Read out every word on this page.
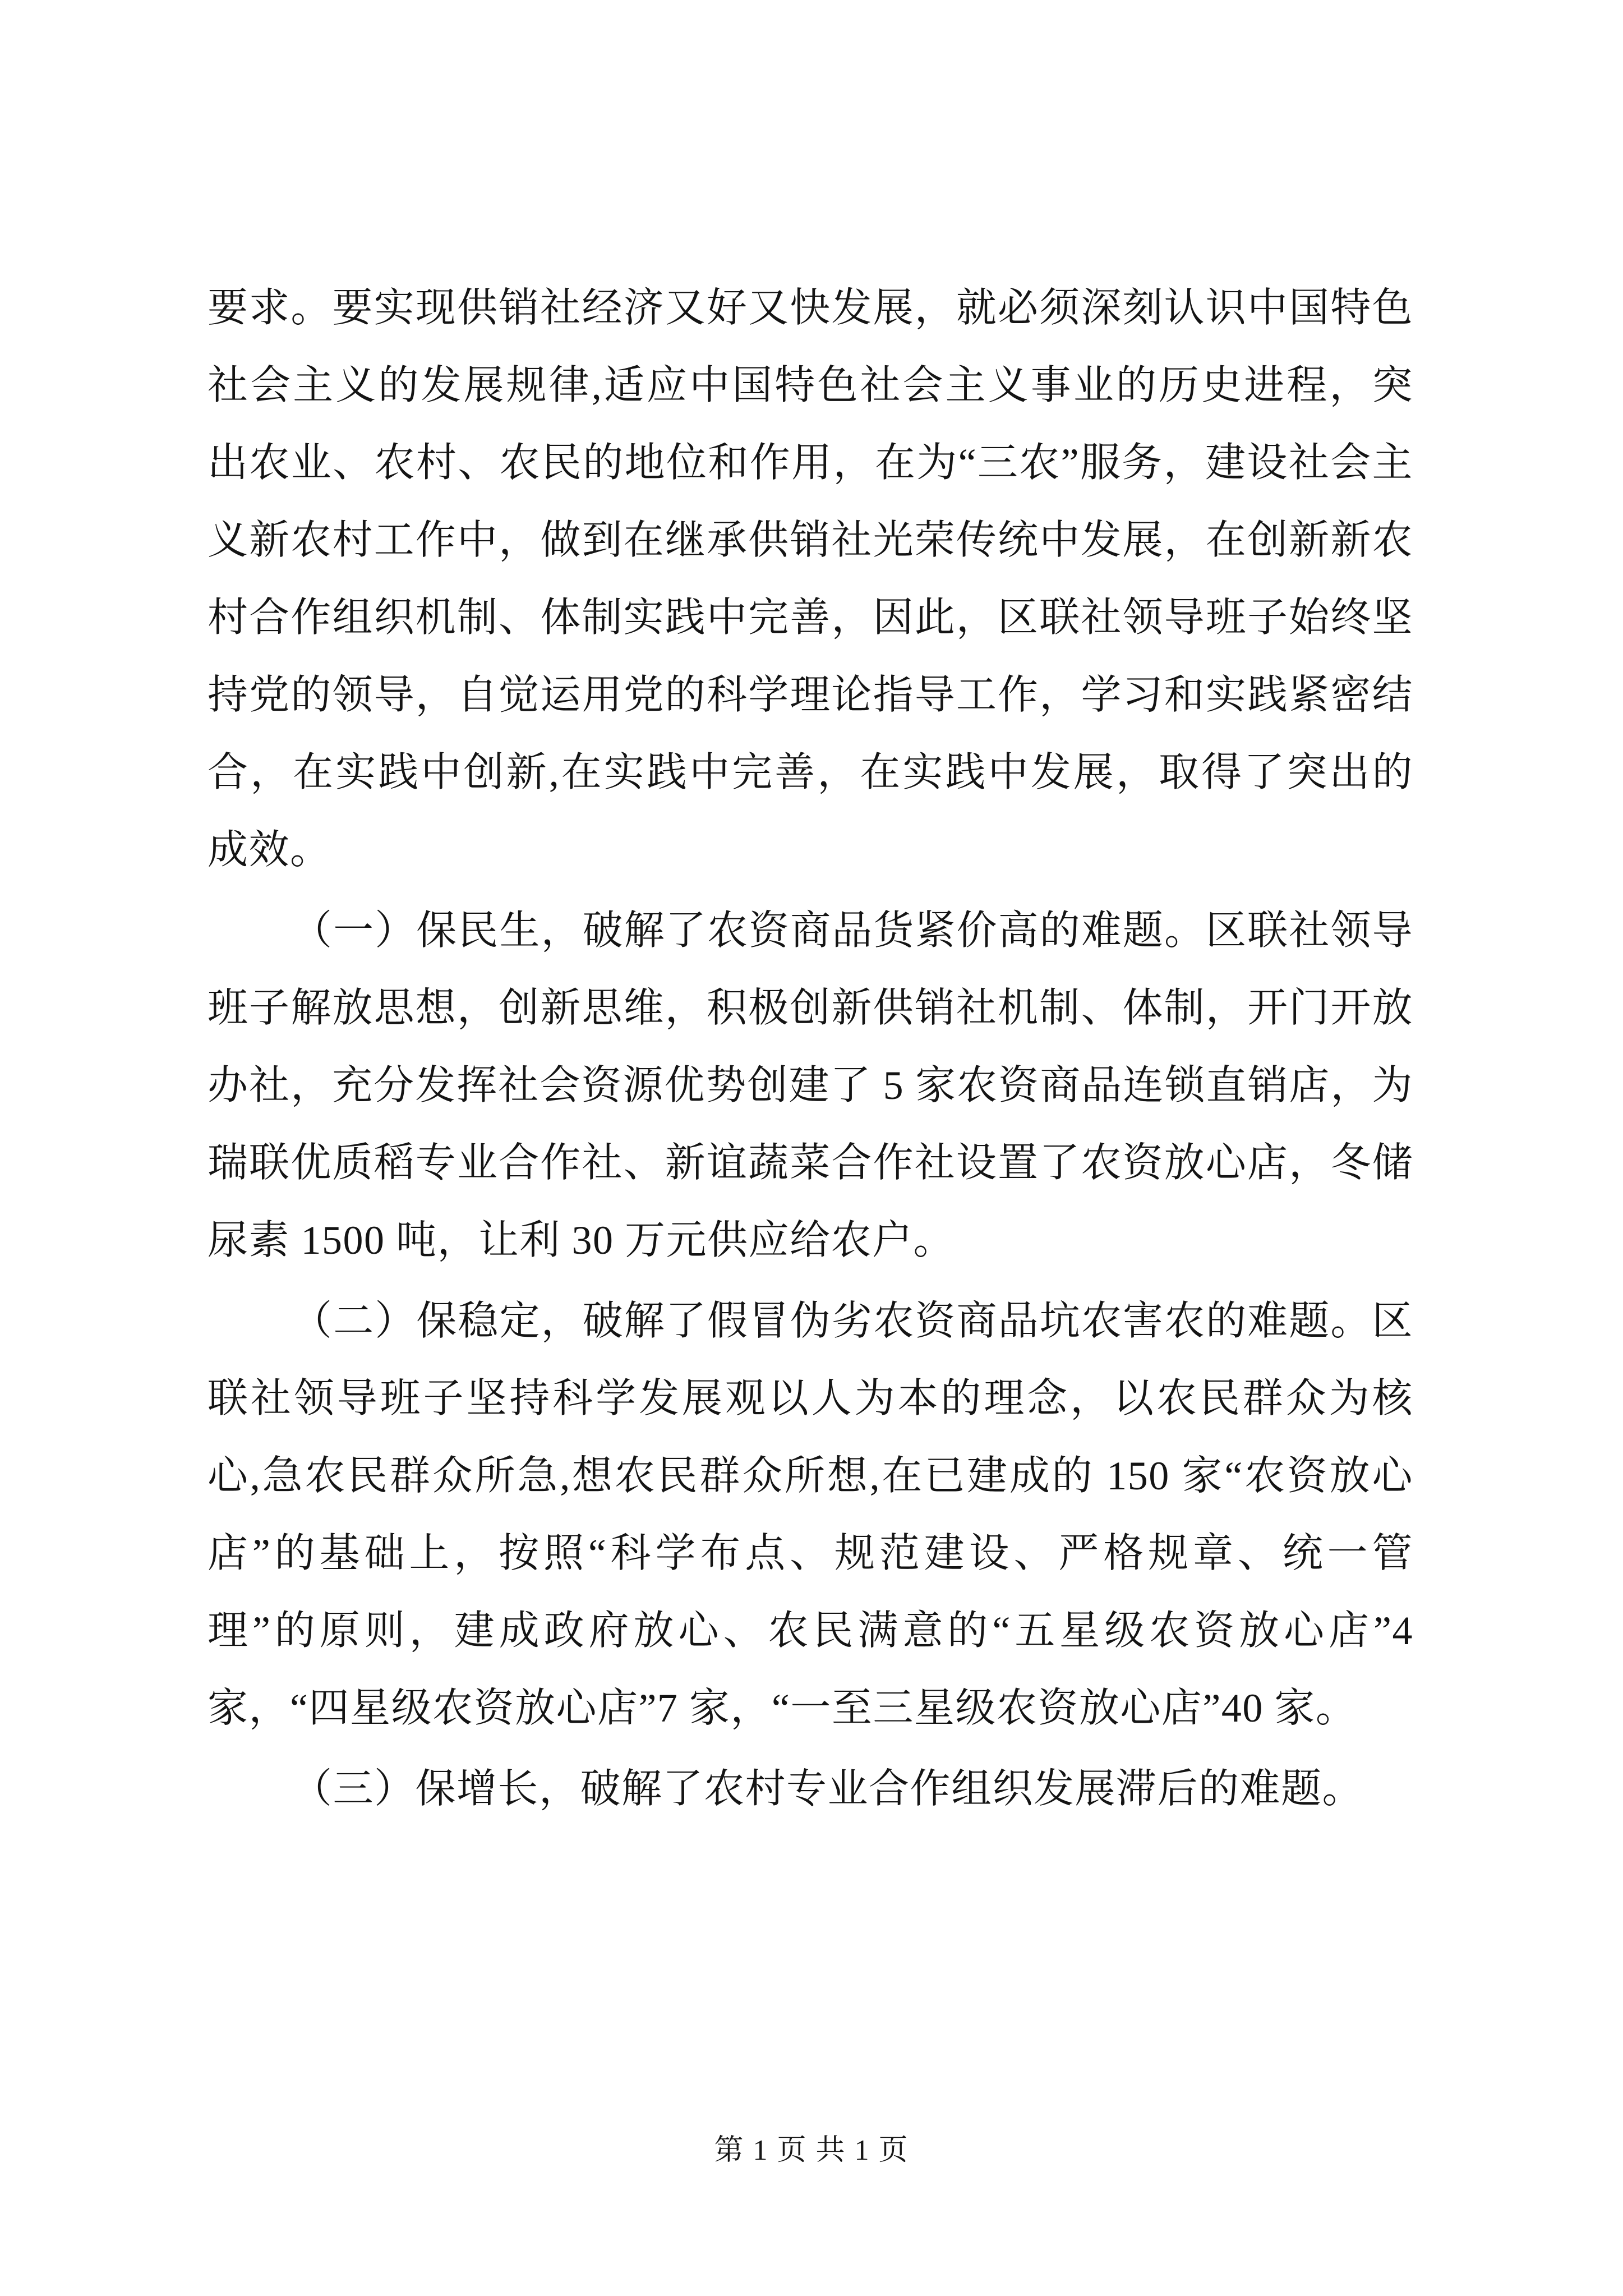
要求。要实现供销社经济又好又快发展，就必须深刻认识中国特色社会主义的发展规律,适应中国特色社会主义事业的历史进程，突出农业、农村、农民的地位和作用，在为“三农”服务，建设社会主义新农村工作中，做到在继承供销社光荣传统中发展，在创新新农村合作组织机制、体制实践中完善，因此，区联社领导班子始终坚持党的领导，自觉运用党的科学理论指导工作，学习和实践紧密结合，在实践中创新,在实践中完善，在实践中发展，取得了突出的成效。

（一）保民生，破解了农资商品货紧价高的难题。区联社领导班子解放思想，创新思维，积极创新供销社机制、体制，开门开放办社，充分发挥社会资源优势创建了 5 家农资商品连锁直销店，为瑞联优质稻专业合作社、新谊蔬菜合作社设置了农资放心店，冬储尿素 1500 吨，让利 30 万元供应给农户。

（二）保稳定，破解了假冒伪劣农资商品坑农害农的难题。区联社领导班子坚持科学发展观以人为本的理念，以农民群众为核心,急农民群众所急,想农民群众所想,在已建成的 150 家“农资放心店”的基础上，按照“科学布点、规范建设、严格规章、统一管理”的原则，建成政府放心、农民满意的“五星级农资放心店”4 家，“四星级农资放心店”7 家，“一至三星级农资放心店”40 家。

（三）保增长，破解了农村专业合作组织发展滞后的难题。

第 1 页 共 1 页
